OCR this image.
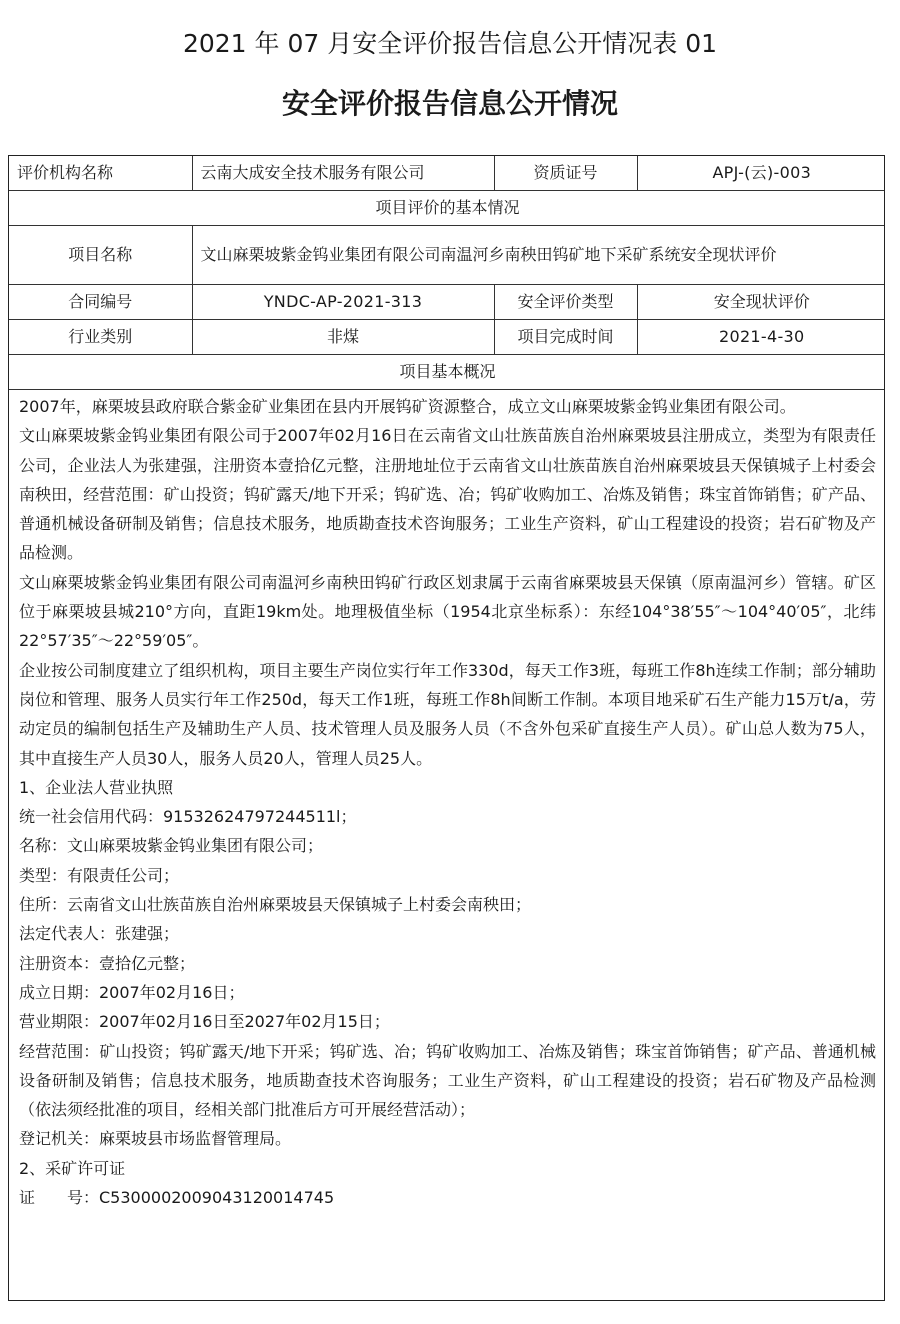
2021 年 07 月安全评价报告信息公开情况表 01
安全评价报告信息公开情况
评价机构名称	云南大成安全技术服务有限公司	资质证号	APJ-(云)-003
项目评价的基本情况			
项目名称	文山麻栗坡紫金钨业集团有限公司南温河乡南秧田钨矿地下采矿系统安全现状评价		
合同编号	YNDC-AP-2021-313	安全评价类型	安全现状评价
行业类别	非煤	项目完成时间	2021-4-30
项目基本概况			

2007年，麻栗坡县政府联合紫金矿业集团在县内开展钨矿资源整合，成立文山麻栗坡紫金钨业集团有限公司。

文山麻栗坡紫金钨业集团有限公司于2007年02月16日在云南省文山壮族苗族自治州麻栗坡县注册成立，类型为有限责任公司，企业法人为张建强，注册资本壹拾亿元整，注册地址位于云南省文山壮族苗族自治州麻栗坡县天保镇城子上村委会南秧田，经营范围：矿山投资；钨矿露天/地下开采；钨矿选、冶；钨矿收购加工、冶炼及销售；珠宝首饰销售；矿产品、普通机械设备研制及销售；信息技术服务，地质勘查技术咨询服务；工业生产资料，矿山工程建设的投资；岩石矿物及产品检测。

文山麻栗坡紫金钨业集团有限公司南温河乡南秧田钨矿行政区划隶属于云南省麻栗坡县天保镇（原南温河乡）管辖。矿区位于麻栗坡县城210°方向，直距19km处。地理极值坐标（1954北京坐标系）：东经104°38′55″～104°40′05″，北纬22°57′35″～22°59′05″。

企业按公司制度建立了组织机构，项目主要生产岗位实行年工作330d，每天工作3班，每班工作8h连续工作制；部分辅助岗位和管理、服务人员实行年工作250d，每天工作1班，每班工作8h间断工作制。本项目地采矿石生产能力15万t/a，劳动定员的编制包括生产及辅助生产人员、技术管理人员及服务人员（不含外包采矿直接生产人员）。矿山总人数为75人，其中直接生产人员30人，服务人员20人，管理人员25人。

1、企业法人营业执照

统一社会信用代码：91532624797244511l；

名称：文山麻栗坡紫金钨业集团有限公司；

类型：有限责任公司；

住所：云南省文山壮族苗族自治州麻栗坡县天保镇城子上村委会南秧田；

法定代表人：张建强；

注册资本：壹拾亿元整；

成立日期：2007年02月16日；

营业期限：2007年02月16日至2027年02月15日；

经营范围：矿山投资；钨矿露天/地下开采；钨矿选、冶；钨矿收购加工、冶炼及销售；珠宝首饰销售；矿产品、普通机械设备研制及销售；信息技术服务，地质勘查技术咨询服务；工业生产资料，矿山工程建设的投资；岩石矿物及产品检测（依法须经批准的项目，经相关部门批准后方可开展经营活动）；

登记机关：麻栗坡县市场监督管理局。

2、采矿许可证

证　　号：C5300002009043120014745
